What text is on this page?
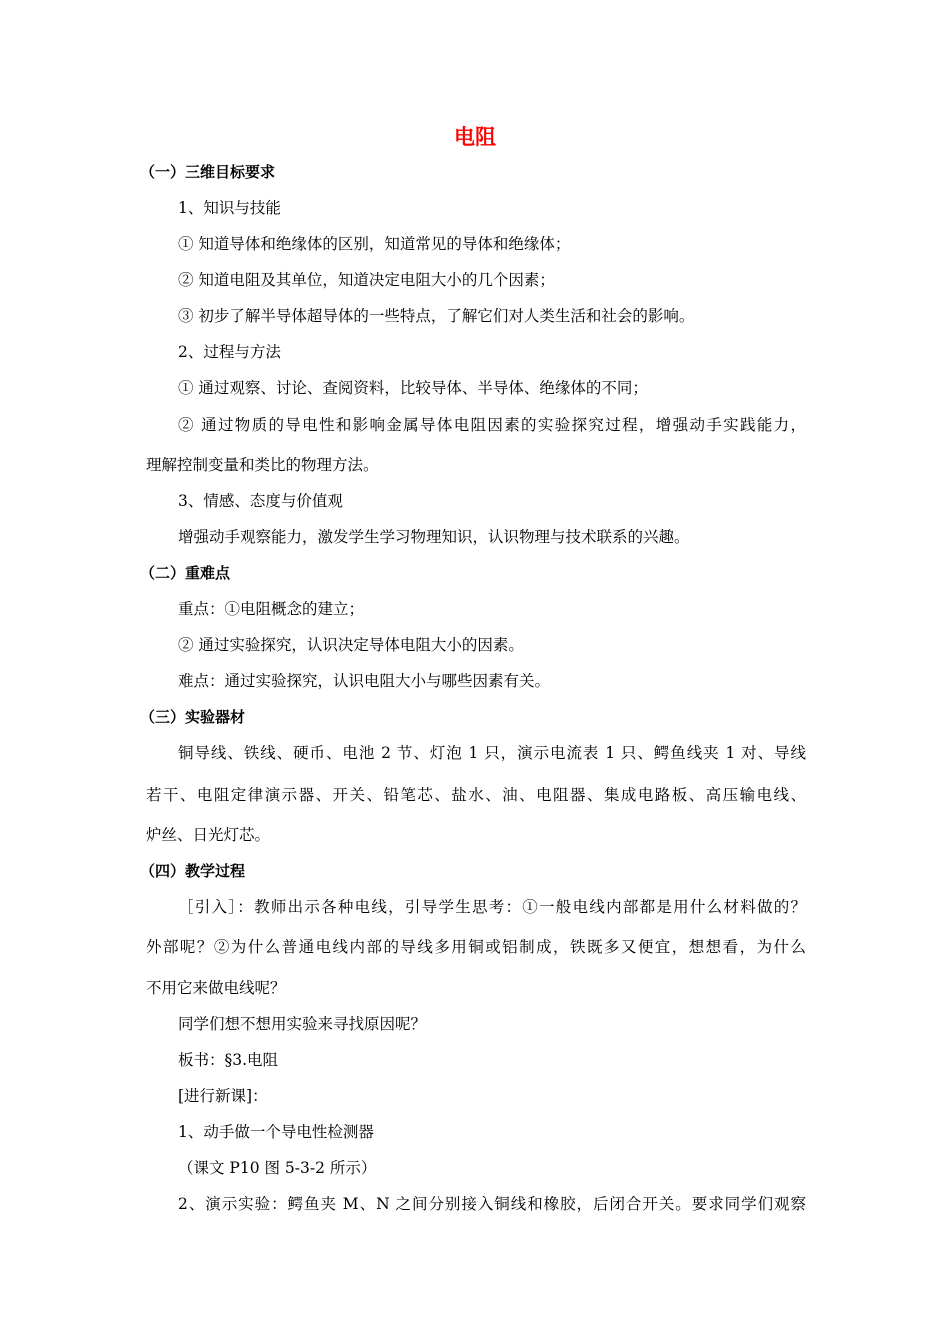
电阻
（一）三维目标要求
1、知识与技能
① 知道导体和绝缘体的区别，知道常见的导体和绝缘体；
② 知道电阻及其单位，知道决定电阻大小的几个因素；
③ 初步了解半导体超导体的一些特点，了解它们对人类生活和社会的影响。
2、过程与方法
① 通过观察、讨论、查阅资料，比较导体、半导体、绝缘体的不同；
② 通过物质的导电性和影响金属导体电阻因素的实验探究过程，增强动手实践能力，
理解控制变量和类比的物理方法。
3、情感、态度与价值观
增强动手观察能力，激发学生学习物理知识，认识物理与技术联系的兴趣。
（二）重难点
重点：①电阻概念的建立；
② 通过实验探究，认识决定导体电阻大小的因素。
难点：通过实验探究，认识电阻大小与哪些因素有关。
（三）实验器材
铜导线、铁线、硬币、电池 2 节、灯泡 1 只，演示电流表 1 只、鳄鱼线夹 1 对、导线
若干、电阻定律演示器、开关、铅笔芯、盐水、油、电阻器、集成电路板、高压输电线、
炉丝、日光灯芯。
（四）教学过程
［引入］：教师出示各种电线，引导学生思考：①一般电线内部都是用什么材料做的？
外部呢？②为什么普通电线内部的导线多用铜或铝制成，铁既多又便宜，想想看，为什么
不用它来做电线呢？
同学们想不想用实验来寻找原因呢？
板书：§3.电阻
[进行新课]：
1、动手做一个导电性检测器
（课文 P10 图 5-3-2 所示）
2、演示实验：鳄鱼夹 M、N 之间分别接入铜线和橡胶，后闭合开关。要求同学们观察
